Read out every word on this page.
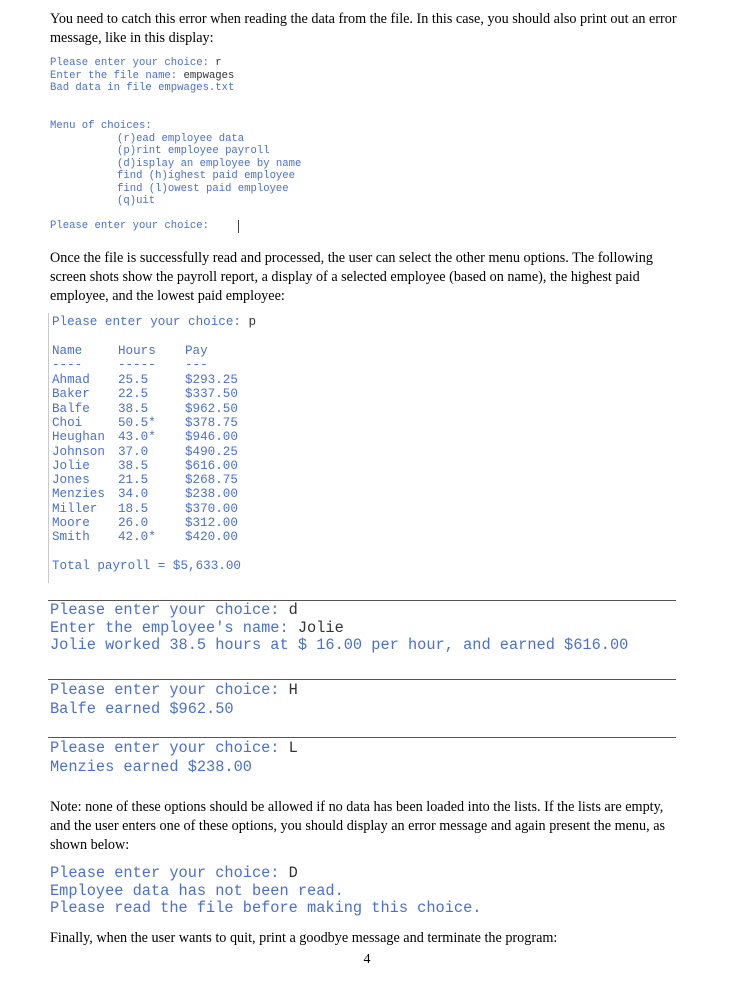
You need to catch this error when reading the data from the file. In this case, you should also print out an error message, like in this display:

Please enter your choice: r
Enter the file name: empwages
Bad data in file empwages.txt
Menu of choices:
(r)ead employee data
(p)rint employee payroll
(d)isplay an employee by name
find (h)ighest paid employee
find (l)owest paid employee
(q)uit
Please enter your choice:

Once the file is successfully read and processed, the user can select the other menu options. The following screen shots show the payroll report, a display of a selected employee (based on name), the highest paid employee, and the lowest paid employee:

Please enter your choice: p
Name	Hours Pay
----	----- ---
Ahmad 25.5	$293.25
Baker 22.5	$337.50
Balfe 38.5	$962.50
Choi	50.5* $378.75
Heughan 43.0* $946.00
Johnson 37.0	$490.25
Jolie 38.5	$616.00
Jones 21.5	$268.75
Menzies 34.0	$238.00
Miller 18.5	$370.00
Moore 26.0	$312.00
Smith 42.0* $420.00
Total payroll = $5,633.00
Please enter your choice: d
Enter the employee's name: Jolie
Jolie worked 38.5 hours at $ 16.00 per hour, and earned $616.00
Please enter your choice: H
Balfe earned $962.50
Please enter your choice: L
Menzies earned $238.00

Note: none of these options should be allowed if no data has been loaded into the lists. If the lists are empty, and the user enters one of these options, you should display an error message and again present the menu, as shown below:

Please enter your choice: D
Employee data has not been read.
Please read the file before making this choice.

Finally, when the user wants to quit, print a goodbye message and terminate the program:

4
